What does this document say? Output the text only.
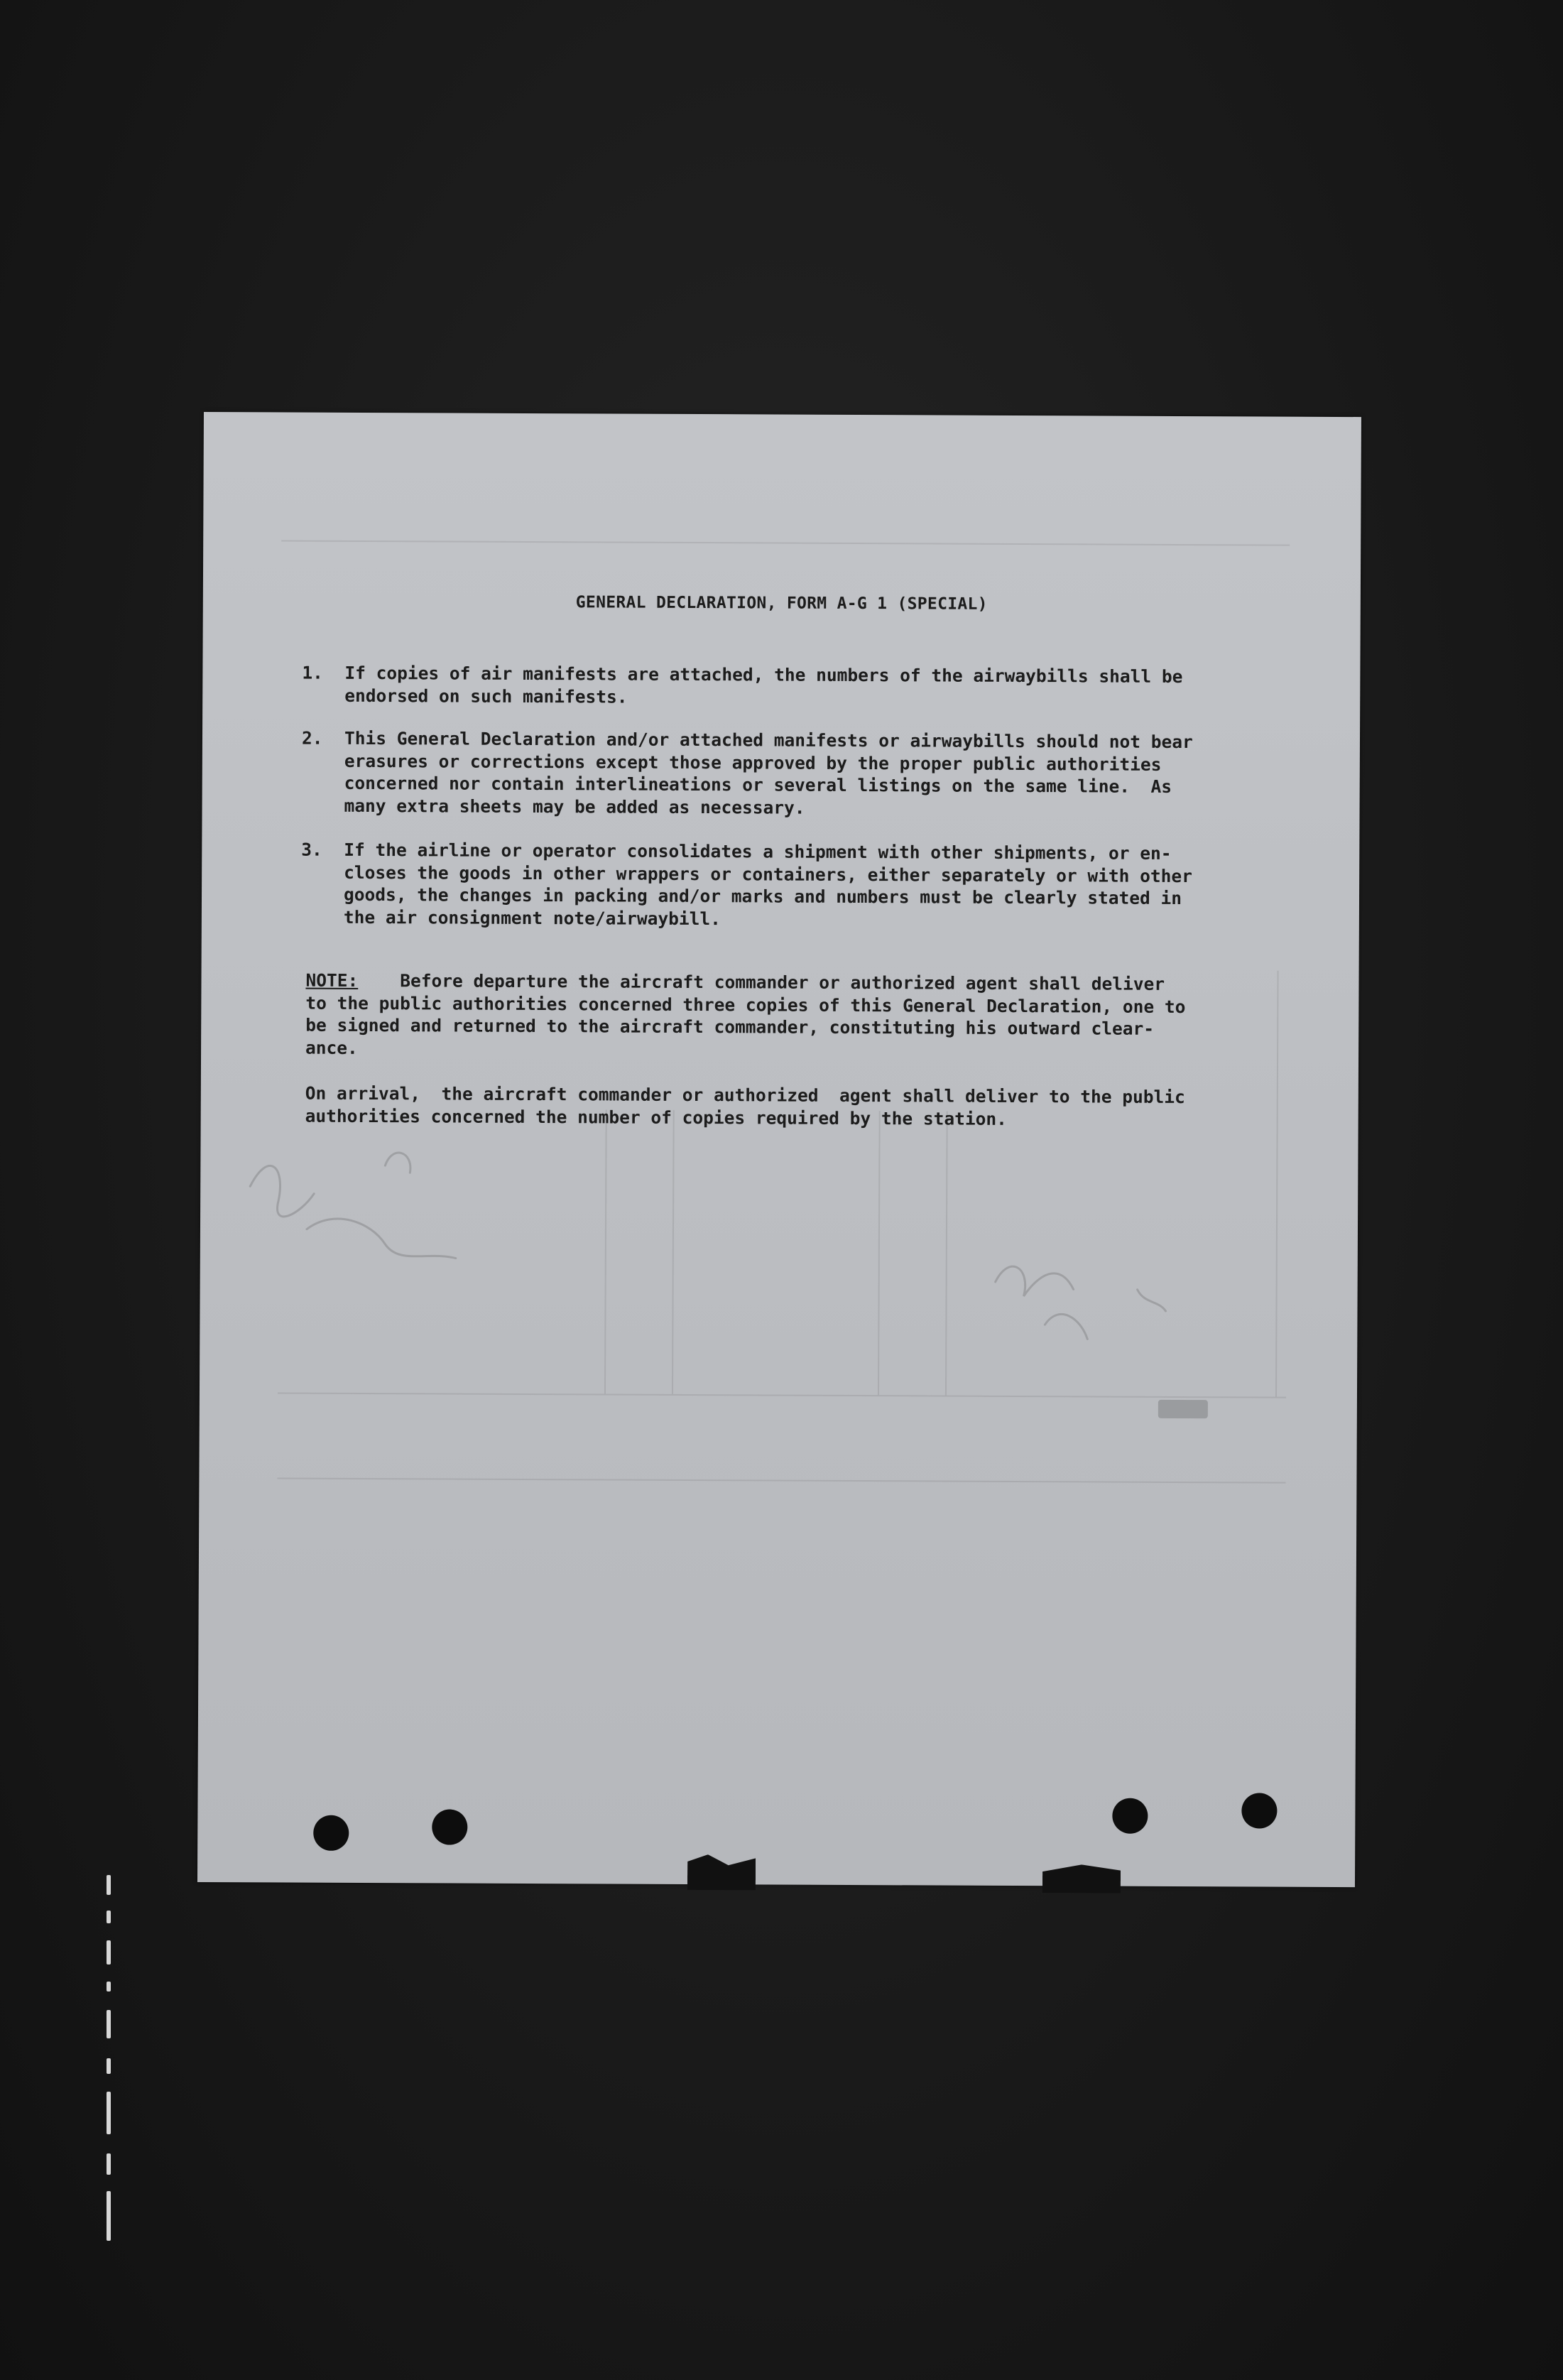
GENERAL DECLARATION, FORM A-G 1 (SPECIAL)
1.	If copies of air manifests are attached, the numbers of the airwaybills shall be
endorsed on such manifests.
2.	This General Declaration and/or attached manifests or airwaybills should not bear
erasures or corrections except those approved by the proper public authorities
concerned nor contain interlineations or several listings on the same line.  As
many extra sheets may be added as necessary.
3.	If the airline or operator consolidates a shipment with other shipments, or en-
closes the goods in other wrappers or containers, either separately or with other
goods, the changes in packing and/or marks and numbers must be clearly stated in
the air consignment note/airwaybill.
NOTE:    Before departure the aircraft commander or authorized agent shall deliver
to the public authorities concerned three copies of this General Declaration, one to
be signed and returned to the aircraft commander, constituting his outward clear-
ance.
On arrival,  the aircraft commander or authorized  agent shall deliver to the public
authorities concerned the number of copies required by the station.
